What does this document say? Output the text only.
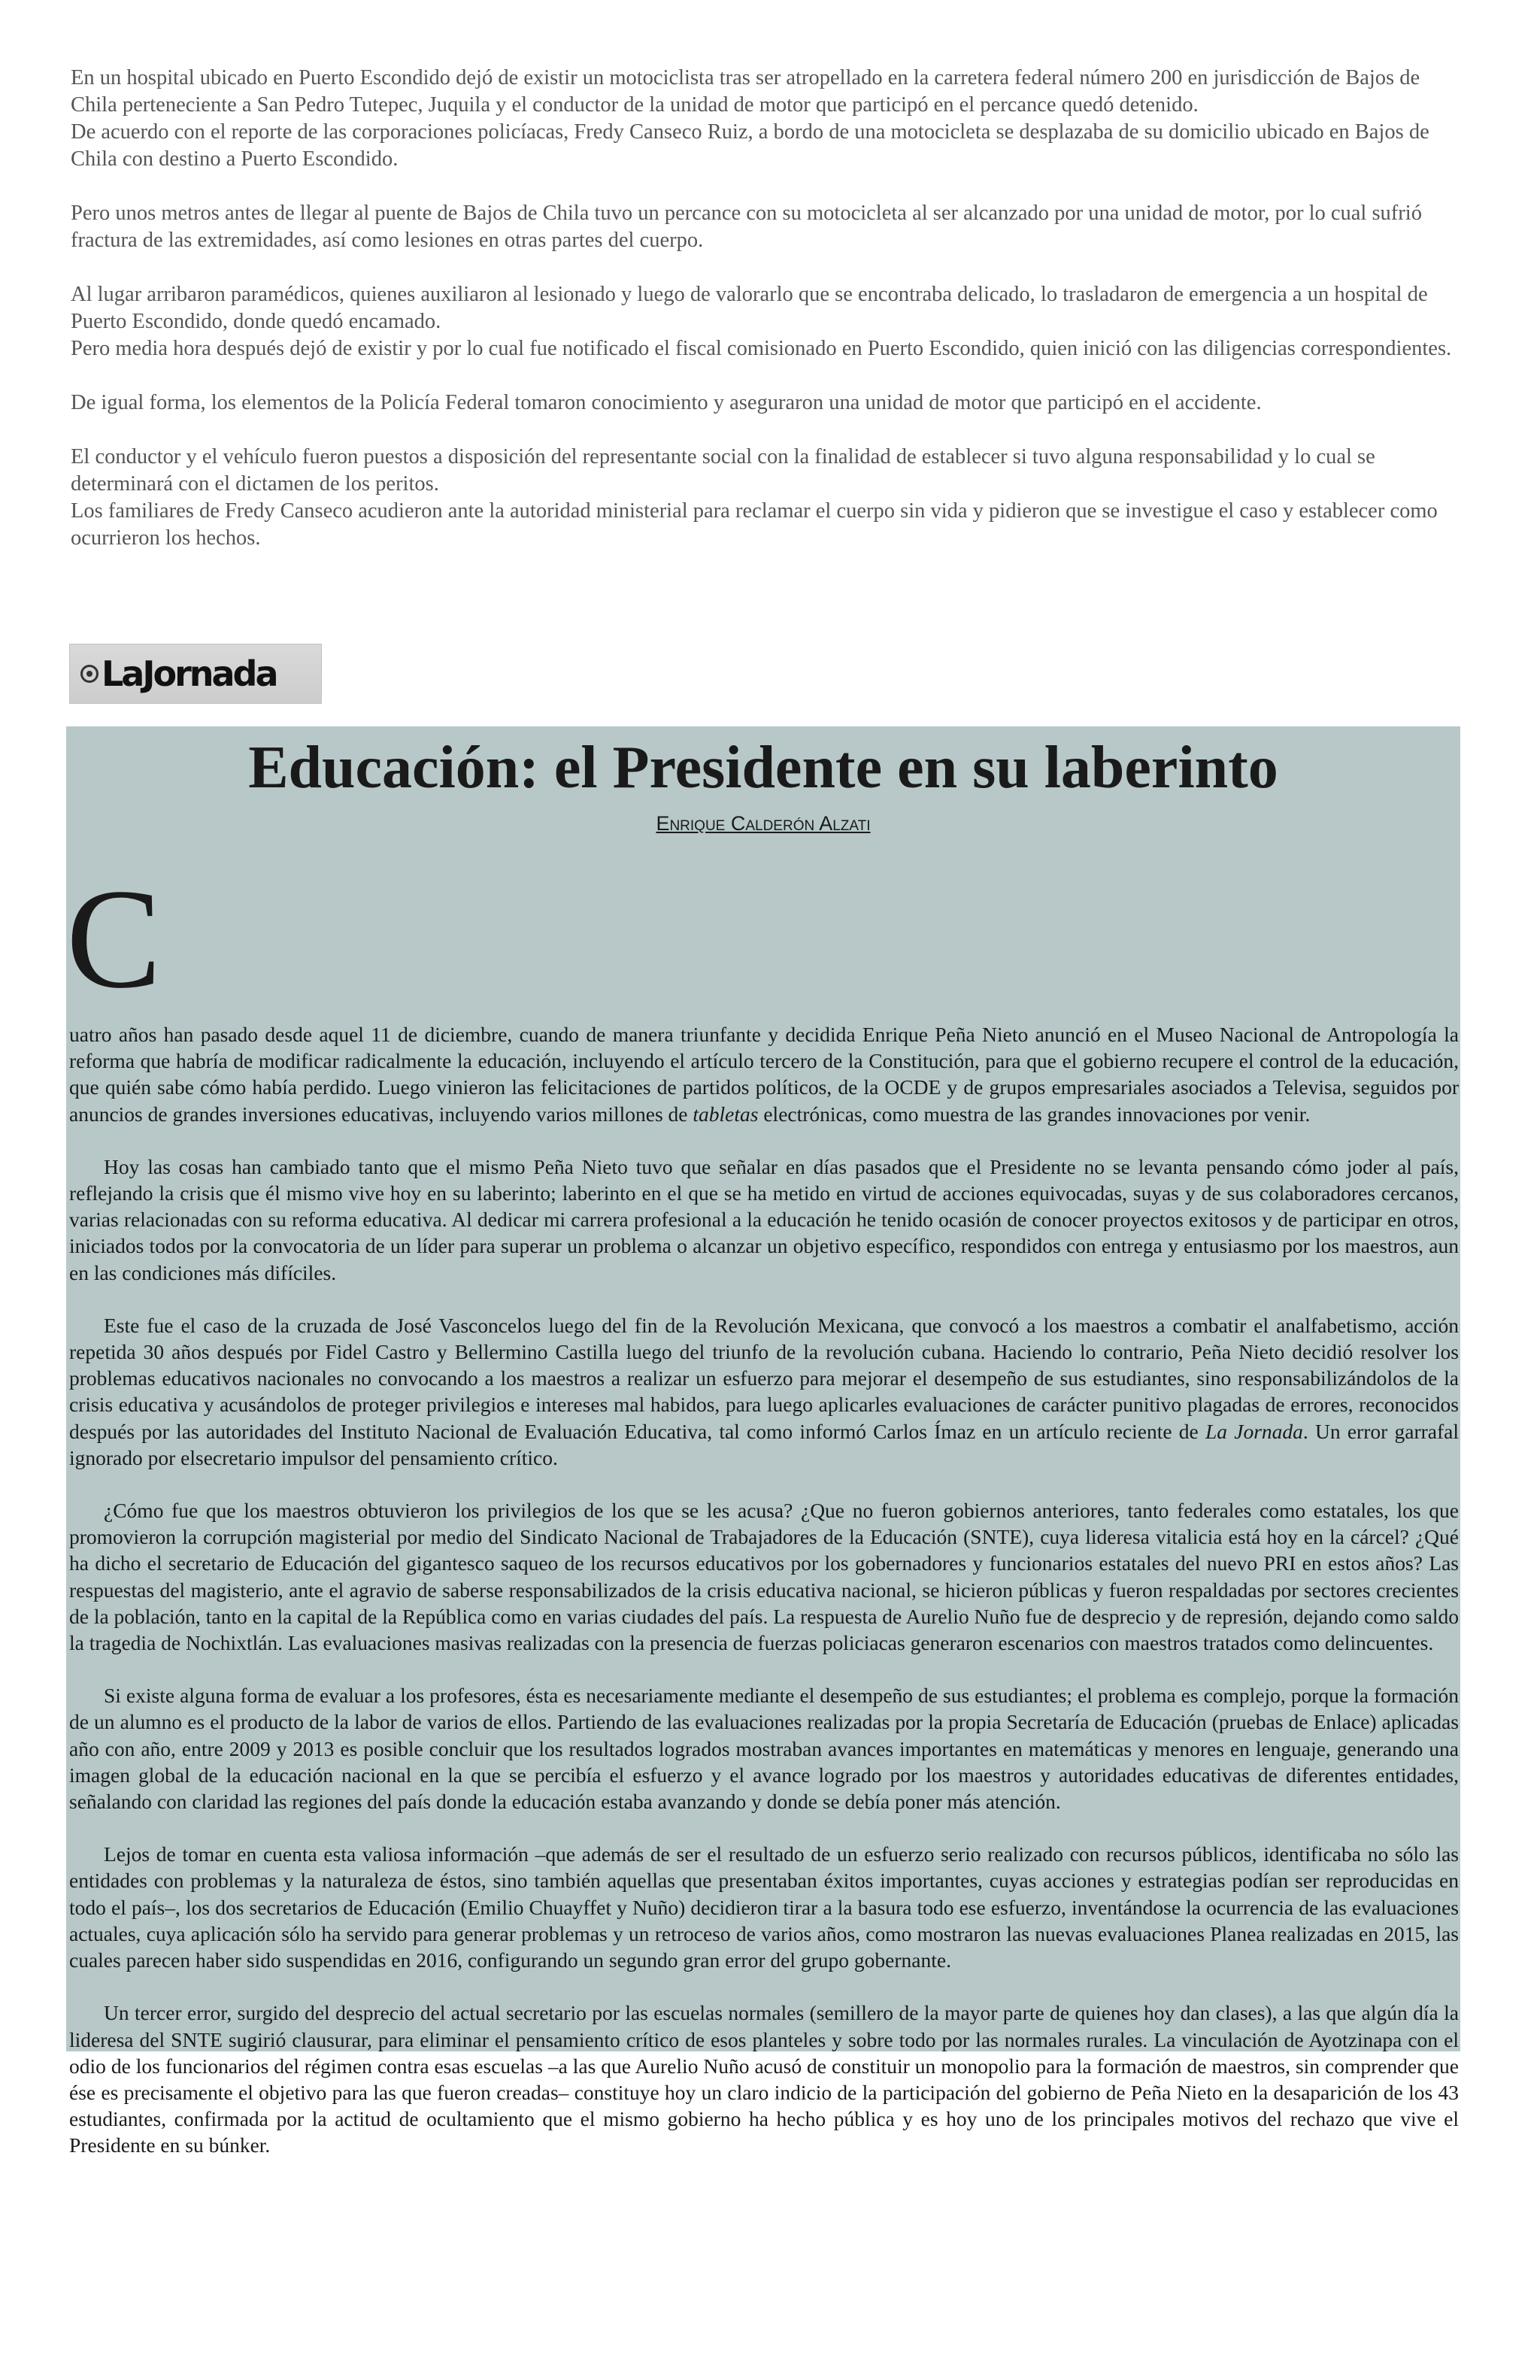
En un hospital ubicado en Puerto Escondido dejó de existir un motociclista tras ser atropellado en la carretera federal número 200 en jurisdicción de Bajos de Chila perteneciente a San Pedro Tutepec, Juquila y el conductor de la unidad de motor que participó en el percance quedó detenido.
De acuerdo con el reporte de las corporaciones policíacas, Fredy Canseco Ruiz, a bordo de una motocicleta se desplazaba de su domicilio ubicado en Bajos de Chila con destino a Puerto Escondido.

Pero unos metros antes de llegar al puente de Bajos de Chila tuvo un percance con su motocicleta al ser alcanzado por una unidad de motor, por lo cual sufrió fractura de las extremidades, así como lesiones en otras partes del cuerpo.

Al lugar arribaron paramédicos, quienes auxiliaron al lesionado y luego de valorarlo que se encontraba delicado, lo trasladaron de emergencia a un hospital de Puerto Escondido, donde quedó encamado.
Pero media hora después dejó de existir y por lo cual fue notificado el fiscal comisionado en Puerto Escondido, quien inició con las diligencias correspondientes.

De igual forma, los elementos de la Policía Federal tomaron conocimiento y aseguraron una unidad de motor que participó en el accidente.

El conductor y el vehículo fueron puestos a disposición del representante social con la finalidad de establecer si tuvo alguna responsabilidad y lo cual se determinará con el dictamen de los peritos.
Los familiares de Fredy Canseco acudieron ante la autoridad ministerial para reclamar el cuerpo sin vida y pidieron que se investigue el caso y establecer como ocurrieron los hechos.

LaJornada
Educación: el Presidente en su laberinto
Enrique Calderón Alzati
C

uatro años han pasado desde aquel 11 de diciembre, cuando de manera triunfante y decidida Enrique Peña Nieto anunció en el Museo Nacional de Antropología la reforma que habría de modificar radicalmente la educación, incluyendo el artículo tercero de la Constitución, para que el gobierno recupere el control de la educación, que quién sabe cómo había perdido. Luego vinieron las felicitaciones de partidos políticos, de la OCDE y de grupos empresariales asociados a Televisa, seguidos por anuncios de grandes inversiones educativas, incluyendo varios millones de tabletas electrónicas, como muestra de las grandes innovaciones por venir.

Hoy las cosas han cambiado tanto que el mismo Peña Nieto tuvo que señalar en días pasados que el Presidente no se levanta pensando cómo joder al país, reflejando la crisis que él mismo vive hoy en su laberinto; laberinto en el que se ha metido en virtud de acciones equivocadas, suyas y de sus colaboradores cercanos, varias relacionadas con su reforma educativa. Al dedicar mi carrera profesional a la educación he tenido ocasión de conocer proyectos exitosos y de participar en otros, iniciados todos por la convocatoria de un líder para superar un problema o alcanzar un objetivo específico, respondidos con entrega y entusiasmo por los maestros, aun en las condiciones más difíciles.

Este fue el caso de la cruzada de José Vasconcelos luego del fin de la Revolución Mexicana, que convocó a los maestros a combatir el analfabetismo, acción repetida 30 años después por Fidel Castro y Bellermino Castilla luego del triunfo de la revolución cubana. Haciendo lo contrario, Peña Nieto decidió resolver los problemas educativos nacionales no convocando a los maestros a realizar un esfuerzo para mejorar el desempeño de sus estudiantes, sino responsabilizándolos de la crisis educativa y acusándolos de proteger privilegios e intereses mal habidos, para luego aplicarles evaluaciones de carácter punitivo plagadas de errores, reconocidos después por las autoridades del Instituto Nacional de Evaluación Educativa, tal como informó Carlos Ímaz en un artículo reciente de La Jornada. Un error garrafal ignorado por elsecretario impulsor del pensamiento crítico.

¿Cómo fue que los maestros obtuvieron los privilegios de los que se les acusa? ¿Que no fueron gobiernos anteriores, tanto federales como estatales, los que promovieron la corrupción magisterial por medio del Sindicato Nacional de Trabajadores de la Educación (SNTE), cuya lideresa vitalicia está hoy en la cárcel? ¿Qué ha dicho el secretario de Educación del gigantesco saqueo de los recursos educativos por los gobernadores y funcionarios estatales del nuevo PRI en estos años? Las respuestas del magisterio, ante el agravio de saberse responsabilizados de la crisis educativa nacional, se hicieron públicas y fueron respaldadas por sectores crecientes de la población, tanto en la capital de la República como en varias ciudades del país. La respuesta de Aurelio Nuño fue de desprecio y de represión, dejando como saldo la tragedia de Nochixtlán. Las evaluaciones masivas realizadas con la presencia de fuerzas policiacas generaron escenarios con maestros tratados como delincuentes.

Si existe alguna forma de evaluar a los profesores, ésta es necesariamente mediante el desempeño de sus estudiantes; el problema es complejo, porque la formación de un alumno es el producto de la labor de varios de ellos. Partiendo de las evaluaciones realizadas por la propia Secretaría de Educación (pruebas de Enlace) aplicadas año con año, entre 2009 y 2013 es posible concluir que los resultados logrados mostraban avances importantes en matemáticas y menores en lenguaje, generando una imagen global de la educación nacional en la que se percibía el esfuerzo y el avance logrado por los maestros y autoridades educativas de diferentes entidades, señalando con claridad las regiones del país donde la educación estaba avanzando y donde se debía poner más atención.

Lejos de tomar en cuenta esta valiosa información –que además de ser el resultado de un esfuerzo serio realizado con recursos públicos, identificaba no sólo las entidades con problemas y la naturaleza de éstos, sino también aquellas que presentaban éxitos importantes, cuyas acciones y estrategias podían ser reproducidas en todo el país–, los dos secretarios de Educación (Emilio Chuayffet y Nuño) decidieron tirar a la basura todo ese esfuerzo, inventándose la ocurrencia de las evaluaciones actuales, cuya aplicación sólo ha servido para generar problemas y un retroceso de varios años, como mostraron las nuevas evaluaciones Planea realizadas en 2015, las cuales parecen haber sido suspendidas en 2016, configurando un segundo gran error del grupo gobernante.

Un tercer error, surgido del desprecio del actual secretario por las escuelas normales (semillero de la mayor parte de quienes hoy dan clases), a las que algún día la lideresa del SNTE sugirió clausurar, para eliminar el pensamiento crítico de esos planteles y sobre todo por las normales rurales. La vinculación de Ayotzinapa con el odio de los funcionarios del régimen contra esas escuelas –a las que Aurelio Nuño acusó de constituir un monopolio para la formación de maestros, sin comprender que ése es precisamente el objetivo para las que fueron creadas– constituye hoy un claro indicio de la participación del gobierno de Peña Nieto en la desaparición de los 43 estudiantes, confirmada por la actitud de ocultamiento que el mismo gobierno ha hecho pública y es hoy uno de los principales motivos del rechazo que vive el Presidente en su búnker.
